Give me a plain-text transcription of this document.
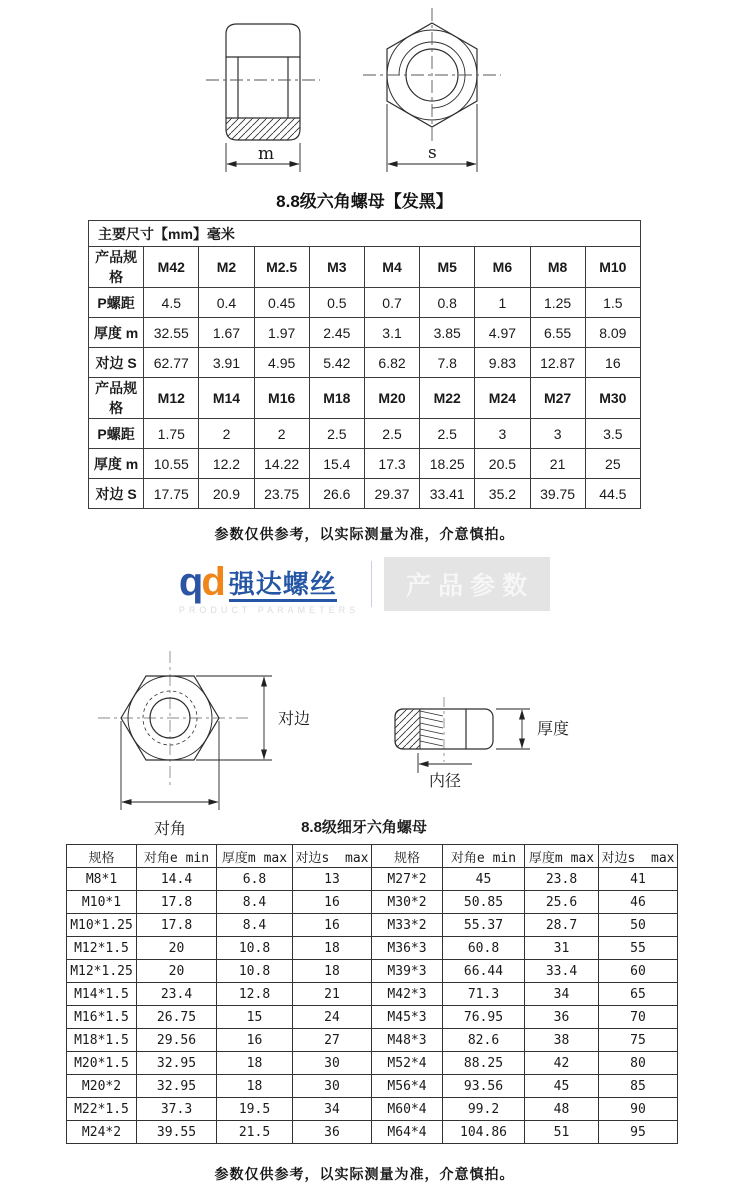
m	s
8.8级六角螺母【发黑】
主要尺寸【mm】毫米									
产品规格	M42	M2	M2.5	M3	M4	M5	M6	M8	M10
P螺距	4.5	0.4	0.45	0.5	0.7	0.8	1	1.25	1.5
厚度 m	32.55	1.67	1.97	2.45	3.1	3.85	4.97	6.55	8.09
对边 S	62.77	3.91	4.95	5.42	6.82	7.8	9.83	12.87	16
产品规格	M12	M14	M16	M18	M20	M22	M24	M27	M30
P螺距	1.75	2	2	2.5	2.5	2.5	3	3	3.5
厚度 m	10.55	12.2	14.22	15.4	17.3	18.25	20.5	21	25
对边 S	17.75	20.9	23.75	26.6	29.37	33.41	35.2	39.75	44.5
参数仅供参考，以实际测量为准，介意慎拍。
q d 强达螺丝
PRODUCT PARAMETERS
产品参数
对边
对角
厚度
内径
8.8级细牙六角螺母
规格	对角e min	厚度m max	对边s  max	规格	对角e min	厚度m max	对边s  max
M8*1	14.4	6.8	13	M27*2	45	23.8	41
M10*1	17.8	8.4	16	M30*2	50.85	25.6	46
M10*1.25	17.8	8.4	16	M33*2	55.37	28.7	50
M12*1.5	20	10.8	18	M36*3	60.8	31	55
M12*1.25	20	10.8	18	M39*3	66.44	33.4	60
M14*1.5	23.4	12.8	21	M42*3	71.3	34	65
M16*1.5	26.75	15	24	M45*3	76.95	36	70
M18*1.5	29.56	16	27	M48*3	82.6	38	75
M20*1.5	32.95	18	30	M52*4	88.25	42	80
M20*2	32.95	18	30	M56*4	93.56	45	85
M22*1.5	37.3	19.5	34	M60*4	99.2	48	90
M24*2	39.55	21.5	36	M64*4	104.86	51	95
参数仅供参考，以实际测量为准，介意慎拍。
